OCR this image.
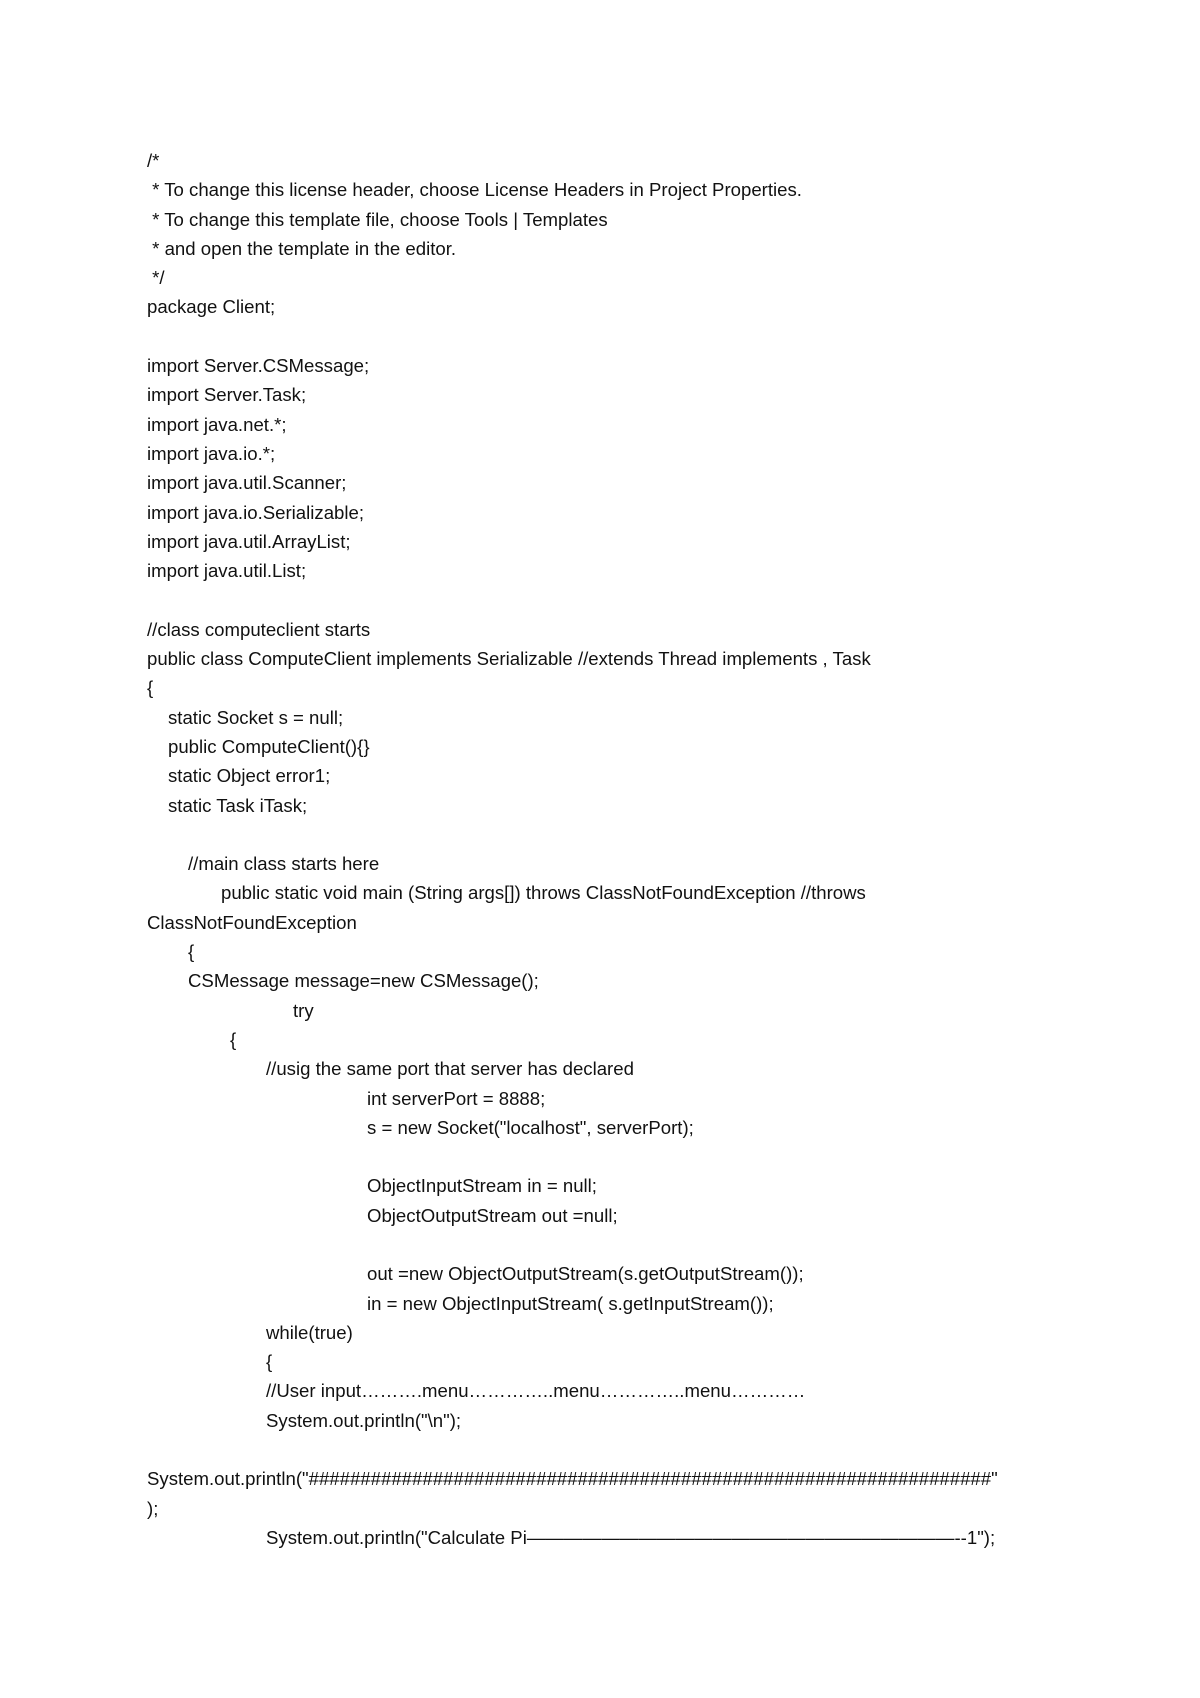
/*
* To change this license header, choose License Headers in Project Properties.
* To change this template file, choose Tools | Templates
* and open the template in the editor.
*/
package Client;
import Server.CSMessage;
import Server.Task;
import java.net.*;
import java.io.*;
import java.util.Scanner;
import java.io.Serializable;
import java.util.ArrayList;
import java.util.List;
//class computeclient starts
public class ComputeClient implements Serializable //extends Thread implements , Task
{
static Socket s = null;
public ComputeClient(){}
static Object error1;
static Task iTask;
//main class starts here
public static void main (String args[]) throws ClassNotFoundException //throws
ClassNotFoundException
{
CSMessage message=new CSMessage();
try
{
//usig the same port that server has declared
int serverPort = 8888;
s = new Socket("localhost", serverPort);
ObjectInputStream in = null;
ObjectOutputStream out =null;
out =new ObjectOutputStream(s.getOutputStream());
in = new ObjectInputStream( s.getInputStream());
while(true)
{
//User input……….menu…………..menu…………..menu…………
System.out.println("\n");
System.out.println("##################################################################"
);
System.out.println("Calculate Pi———————————————————————--1");
